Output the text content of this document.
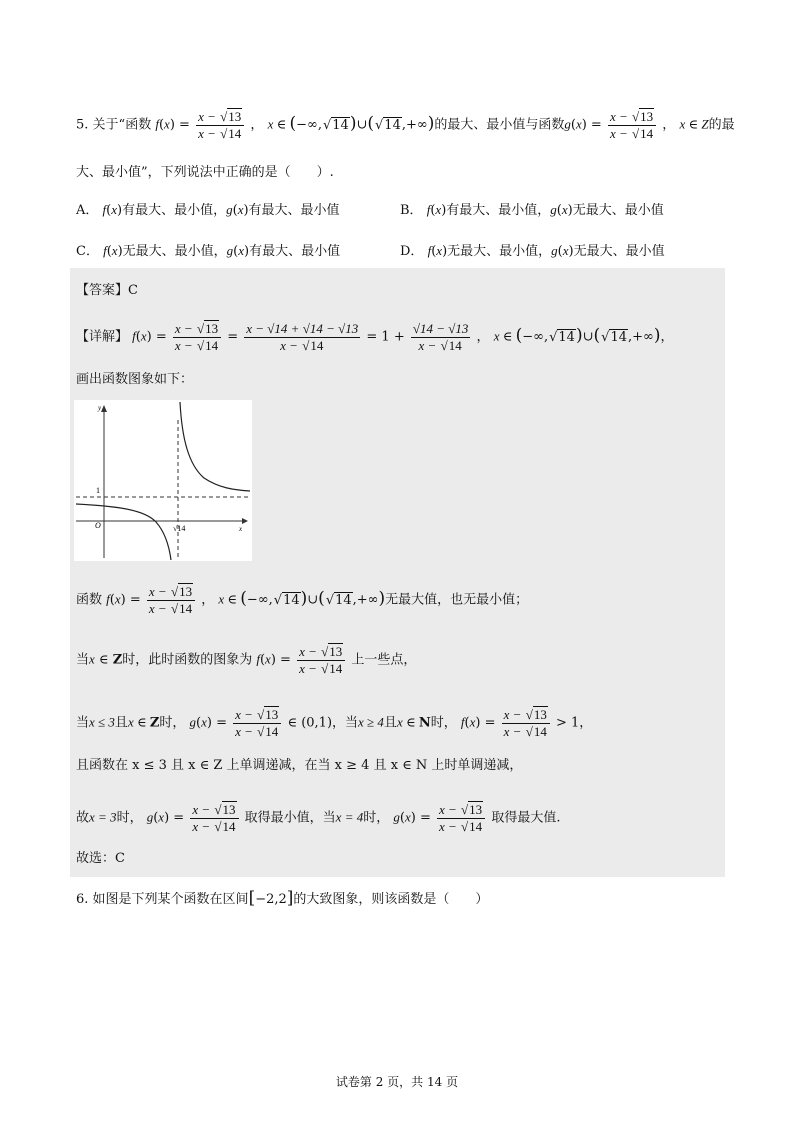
5. 关于“函数 $f(x) = \frac{x - √13}{x - √14}$ ， x ∈ (−∞,√14)∪(√14,+∞)的最大、最小值与函数$g(x) = \frac{x - √13}{x - √14}$ ， x ∈ Z的最
大、最小值”，下列说法中正确的是（　　）.
A． f(x)有最大、最小值，g(x)有最大、最小值	B． f(x)有最大、最小值，g(x)无最大、最小值
C． f(x)无最大、最小值，g(x)有最大、最小值	D． f(x)无最大、最小值，g(x)无最大、最小值
【答案】C
【详解】 $f(x) = \frac{x - √13}{x - √14} = \frac{x - √14 + √14 - √13}{x - √14} = 1 + \frac{√14 - √13}{x - √14}$ ， x ∈ (−∞,√14)∪(√14,+∞)，
画出函数图象如下：
y
x
O
1
√14
函数 $f(x) = \frac{x - √13}{x - √14}$ ， x ∈ (−∞,√14)∪(√14,+∞)无最大值，也无最小值；
当x ∈ Z时，此时函数的图象为 $f(x) = \frac{x - √13}{x - √14}$ 上一些点，
当x ≤ 3且x ∈ Z时， $g(x) = \frac{x - √13}{x - √14}$ ∈ (0,1)，当x ≥ 4且x ∈ N时， $f(x) = \frac{x - √13}{x - √14} > 1$，
且函数在 x ≤ 3 且 x ∈ Z 上单调递减，在当 x ≥ 4 且 x ∈ N 上时单调递减，
故x = 3时， $g(x) = \frac{x - √13}{x - √14}$ 取得最小值，当x = 4时， $g(x) = \frac{x - √13}{x - √14}$ 取得最大值.
故选：C
6. 如图是下列某个函数在区间[−2,2]的大致图象，则该函数是（　　）
试卷第 2 页，共 14 页
